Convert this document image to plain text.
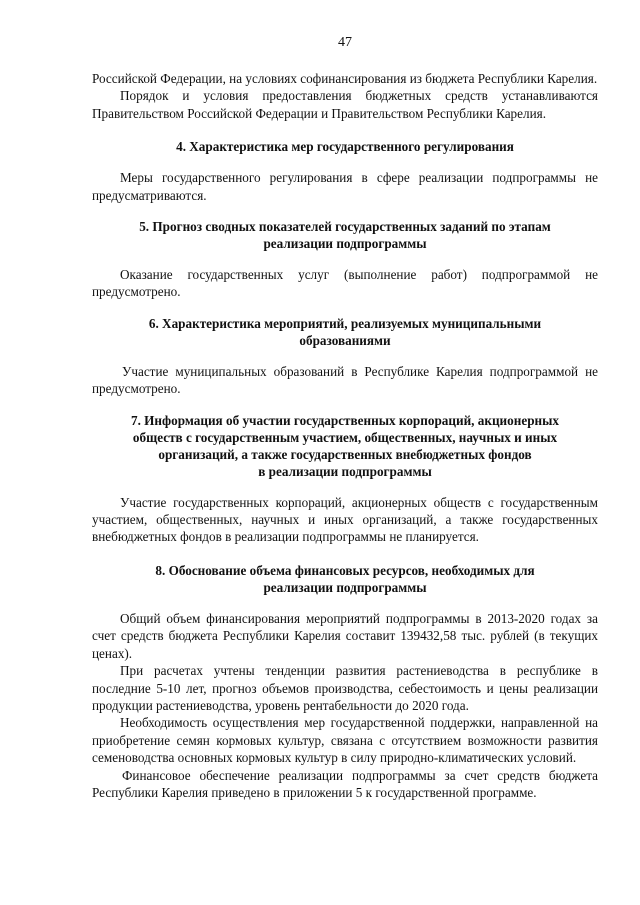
47

Российской Федерации, на условиях софинансирования из бюджета Республики Карелия.

Порядок и условия предоставления бюджетных средств устанавливаются Правительством Российской Федерации и Правительством Республики Карелия.

4. Характеристика мер государственного регулирования

Меры государственного регулирования в сфере реализации подпрограммы не предусматриваются.

5. Прогноз сводных показателей государственных заданий по этапам
реализации подпрограммы

Оказание государственных услуг (выполнение работ) подпрограммой не предусмотрено.

6. Характеристика мероприятий, реализуемых муниципальными
образованиями

Участие муниципальных образований в Республике Карелия подпрограммой не предусмотрено.

7. Информация об участии государственных корпораций, акционерных
обществ с государственным участием, общественных, научных и иных
организаций, а также государственных внебюджетных фондов
в реализации подпрограммы

Участие государственных корпораций, акционерных обществ с государственным участием, общественных, научных и иных организаций, а также государственных внебюджетных фондов в реализации подпрограммы не планируется.

8. Обоснование объема финансовых ресурсов, необходимых для
реализации подпрограммы

Общий объем финансирования мероприятий подпрограммы в 2013-2020 годах за счет средств бюджета Республики Карелия составит 139432,58 тыс. рублей (в текущих ценах).

При расчетах учтены тенденции развития растениеводства в республике в последние 5-10 лет, прогноз объемов производства, себестоимость и цены реализации продукции растениеводства, уровень рентабельности до 2020 года.

Необходимость осуществления мер государственной поддержки, направленной на приобретение семян кормовых культур, связана с отсутствием возможности развития семеноводства основных кормовых культур в силу природно-климатических условий.

Финансовое обеспечение реализации подпрограммы за счет средств бюджета Республики Карелия приведено в приложении 5 к государственной программе.
